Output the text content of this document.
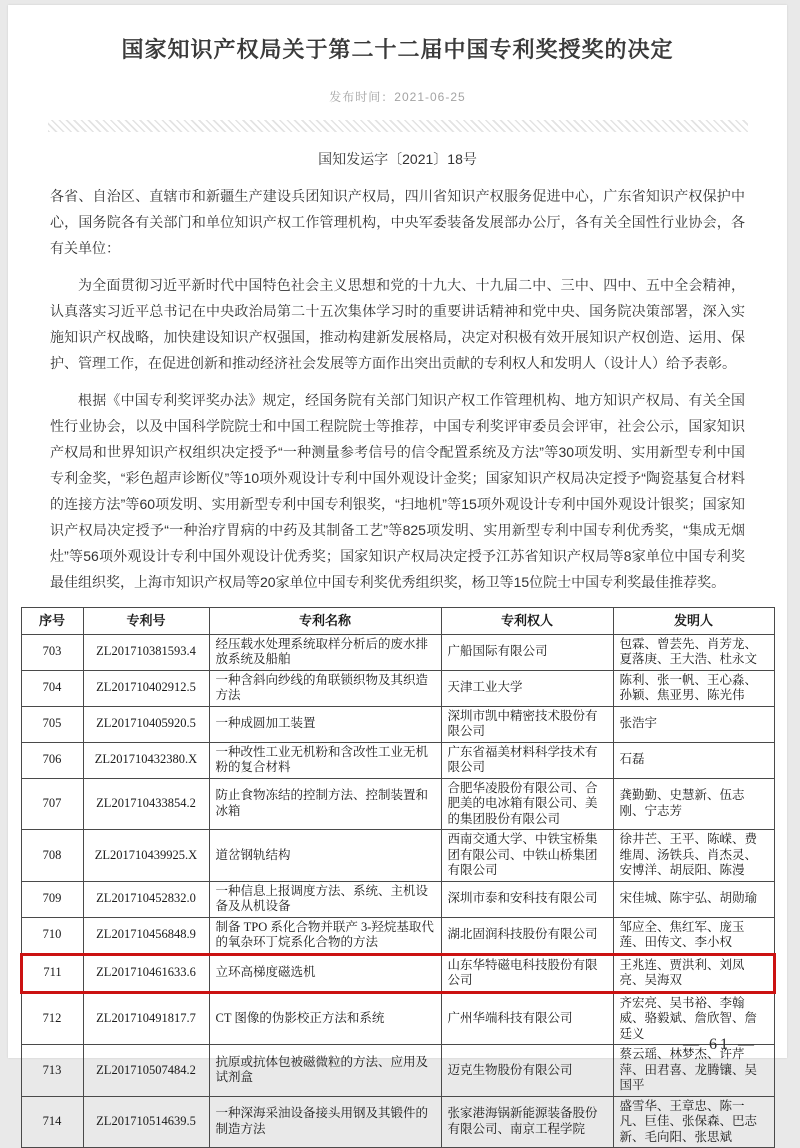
国家知识产权局关于第二十二届中国专利奖授奖的决定
发布时间：2021-06-25
国知发运字〔2021〕18号

各省、自治区、直辖市和新疆生产建设兵团知识产权局，四川省知识产权服务促进中心，广东省知识产权保护中心，国务院各有关部门和单位知识产权工作管理机构，中央军委装备发展部办公厅，各有关全国性行业协会，各有关单位：

为全面贯彻习近平新时代中国特色社会主义思想和党的十九大、十九届二中、三中、四中、五中全会精神，认真落实习近平总书记在中央政治局第二十五次集体学习时的重要讲话精神和党中央、国务院决策部署，深入实施知识产权战略，加快建设知识产权强国，推动构建新发展格局，决定对积极有效开展知识产权创造、运用、保护、管理工作，在促进创新和推动经济社会发展等方面作出突出贡献的专利权人和发明人（设计人）给予表彰。

根据《中国专利奖评奖办法》规定，经国务院有关部门知识产权工作管理机构、地方知识产权局、有关全国性行业协会，以及中国科学院院士和中国工程院院士等推荐，中国专利奖评审委员会评审，社会公示，国家知识产权局和世界知识产权组织决定授予“一种测量参考信号的信令配置系统及方法”等30项发明、实用新型专利中国专利金奖，“彩色超声诊断仪”等10项外观设计专利中国外观设计金奖；国家知识产权局决定授予“陶瓷基复合材料的连接方法”等60项发明、实用新型专利中国专利银奖，“扫地机”等15项外观设计专利中国外观设计银奖；国家知识产权局决定授予“一种治疗胃病的中药及其制备工艺”等825项发明、实用新型专利中国专利优秀奖，“集成无烟灶”等56项外观设计专利中国外观设计优秀奖；国家知识产权局决定授予江苏省知识产权局等8家单位中国专利奖最佳组织奖，上海市知识产权局等20家单位中国专利奖优秀组织奖，杨卫等15位院士中国专利奖最佳推荐奖。

序号	专利号	专利名称	专利权人	发明人
703	ZL201710381593.4	经压载水处理系统取样分析后的废水排放系统及船舶	广船国际有限公司	包霖、曾芸先、肖芳龙、夏落庚、王大浩、杜永文
704	ZL201710402912.5	一种含斜向纱线的角联锁织物及其织造方法	天津工业大学	陈利、张一帆、王心淼、孙颖、焦亚男、陈光伟
705	ZL201710405920.5	一种成圆加工装置	深圳市凯中精密技术股份有限公司	张浩宇
706	ZL201710432380.X	一种改性工业无机粉和含改性工业无机粉的复合材料	广东省福美材料科学技术有限公司	石磊
707	ZL201710433854.2	防止食物冻结的控制方法、控制装置和冰箱	合肥华凌股份有限公司、合肥美的电冰箱有限公司、美的集团股份有限公司	龚勤勤、史慧新、伍志刚、宁志芳
708	ZL201710439925.X	道岔钢轨结构	西南交通大学、中铁宝桥集团有限公司、中铁山桥集团有限公司	徐井芒、王平、陈嵘、费维周、汤铁兵、肖杰灵、安博洋、胡辰阳、陈漫
709	ZL201710452832.0	一种信息上报调度方法、系统、主机设备及从机设备	深圳市泰和安科技有限公司	宋佳城、陈宇弘、胡勋瑜
710	ZL201710456848.9	制备 TPO 系化合物并联产 3-羟烷基取代的氧杂环丁烷系化合物的方法	湖北固润科技股份有限公司	邹应全、焦红军、庞玉莲、田传文、李小权
711	ZL201710461633.6	立环高梯度磁选机	山东华特磁电科技股份有限公司	王兆连、贾洪利、刘凤亮、吴海双
712	ZL201710491817.7	CT 图像的伪影校正方法和系统	广州华端科技有限公司	齐宏亮、吴书裕、李翰威、骆毅斌、詹欣智、詹廷义
713	ZL201710507484.2	抗原或抗体包被磁微粒的方法、应用及试剂盒	迈克生物股份有限公司	蔡云瑶、林梦杰、许芹萍、田君喜、龙腾镶、吴国平
714	ZL201710514639.5	一种深海采油设备接头用钢及其锻件的制造方法	张家港海锅新能源装备股份有限公司、南京工程学院	盛雪华、王章忠、陈一凡、巨佳、张保森、巴志新、毛向阳、张思斌
— 61 —
